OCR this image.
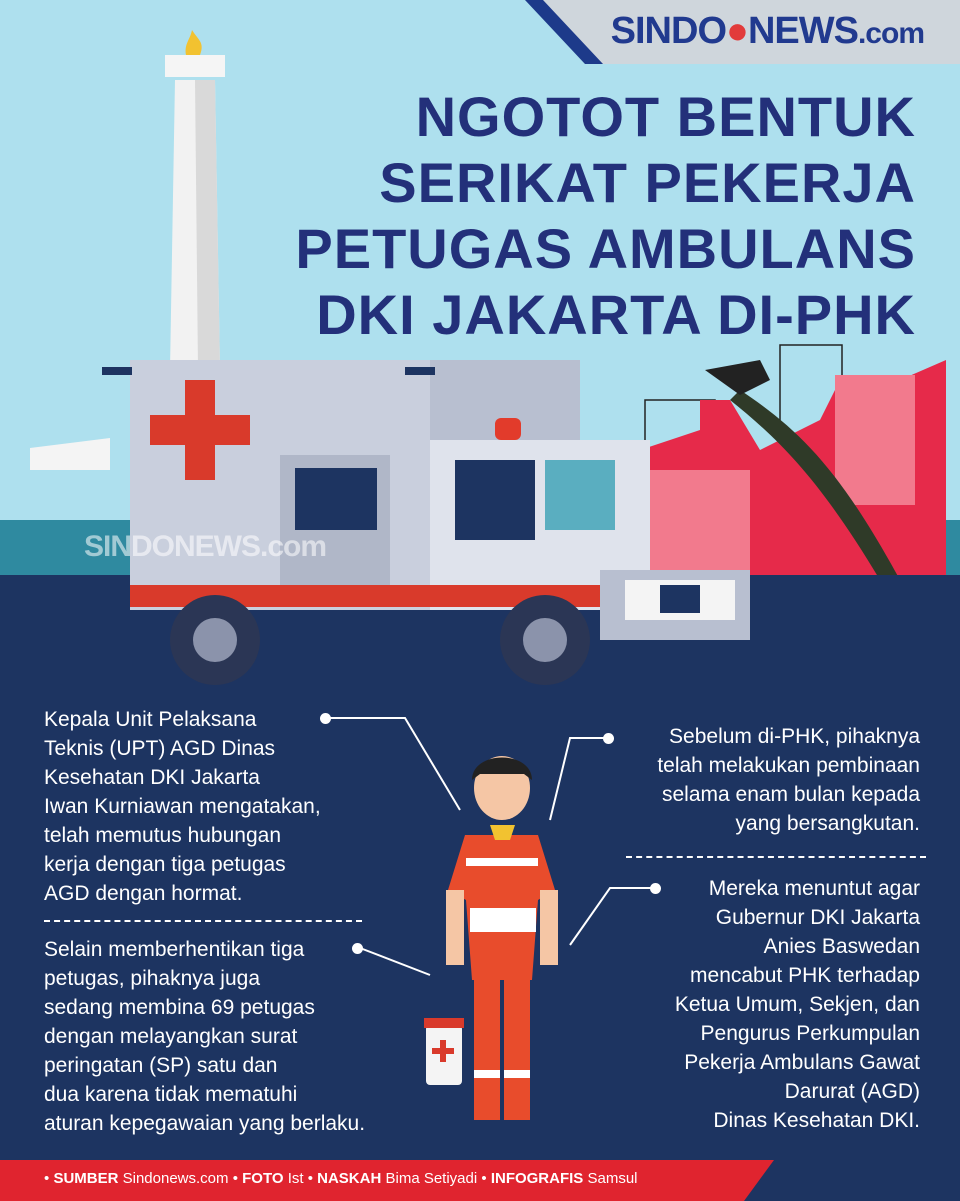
SINDO●NEWS.com
NGOTOT BENTUK
SERIKAT PEKERJA
PETUGAS AMBULANS
DKI JAKARTA DI-PHK
SINDONEWS.com
Kepala Unit Pelaksana
Teknis (UPT) AGD Dinas
Kesehatan DKI Jakarta
Iwan Kurniawan mengatakan,
telah memutus hubungan
kerja dengan tiga petugas
AGD dengan hormat.
Selain memberhentikan tiga
petugas, pihaknya juga
sedang membina 69 petugas
dengan melayangkan surat
peringatan (SP) satu dan
dua karena tidak mematuhi
aturan kepegawaian yang berlaku.
Sebelum di-PHK, pihaknya
telah melakukan pembinaan
selama enam bulan kepada
yang bersangkutan.
Mereka menuntut agar
Gubernur DKI Jakarta
Anies Baswedan
mencabut PHK terhadap
Ketua Umum, Sekjen, dan
Pengurus Perkumpulan
Pekerja Ambulans Gawat
Darurat (AGD)
Dinas Kesehatan DKI.
• SUMBER Sindonews.com • FOTO Ist • NASKAH Bima Setiyadi • INFOGRAFIS Samsul
